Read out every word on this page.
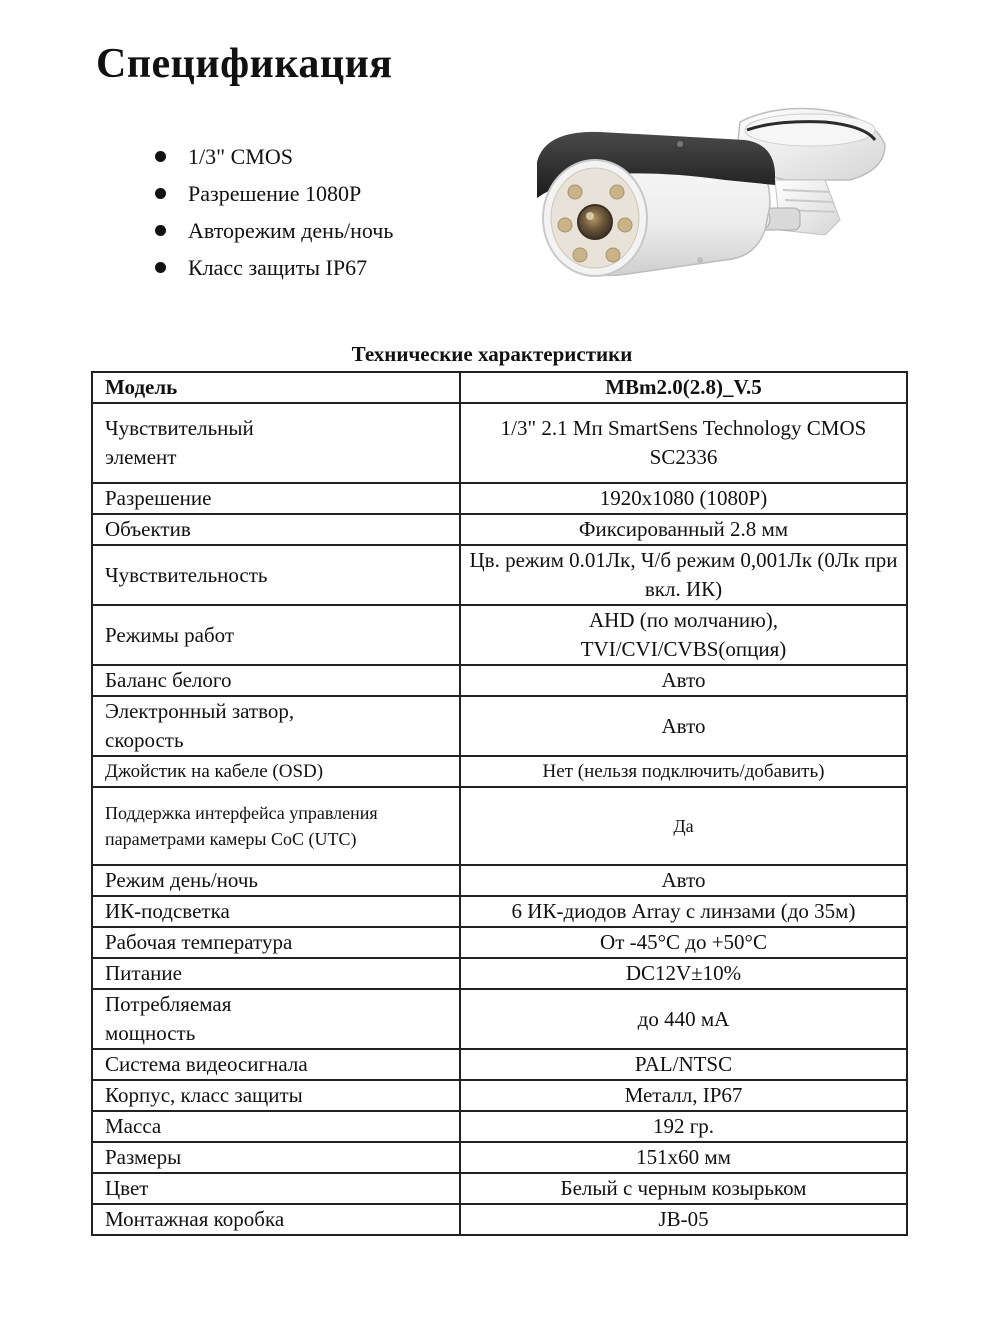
Спецификация
1/3" CMOS
Разрешение 1080P
Авторежим день/ночь
Класс защиты IP67
Технические характеристики
Модель	MBm2.0(2.8)_V.5

Чувствительный элемент	1/3" 2.1 Мп SmartSens Technology CMOS SC2336
Разрешение	1920x1080 (1080P)
Объектив	Фиксированный 2.8 мм
Чувствительность	Цв. режим 0.01Лк, Ч/б режим 0,001Лк (0Лк при вкл. ИК)
Режимы работ	AHD (по молчанию), TVI/CVI/CVBS(опция)
Баланс белого	Авто

Электронный затвор, скорость	Авто
Джойстик на кабеле (OSD)	Нет (нельзя подключить/добавить)

Поддержка интерфейса управления параметрами камеры CoC (UTC)	Да
Режим день/ночь	Авто
ИК-подсветка	6 ИК-диодов Array с линзами (до 35м)
Рабочая температура	От -45°C до +50°C
Питание	DC12V±10%

Потребляемая мощность	до 440 мА
Система видеосигнала	PAL/NTSC
Корпус, класс защиты	Металл, IP67
Масса	192 гр.
Размеры	151x60 мм
Цвет	Белый с черным козырьком
Монтажная коробка	JB-05
